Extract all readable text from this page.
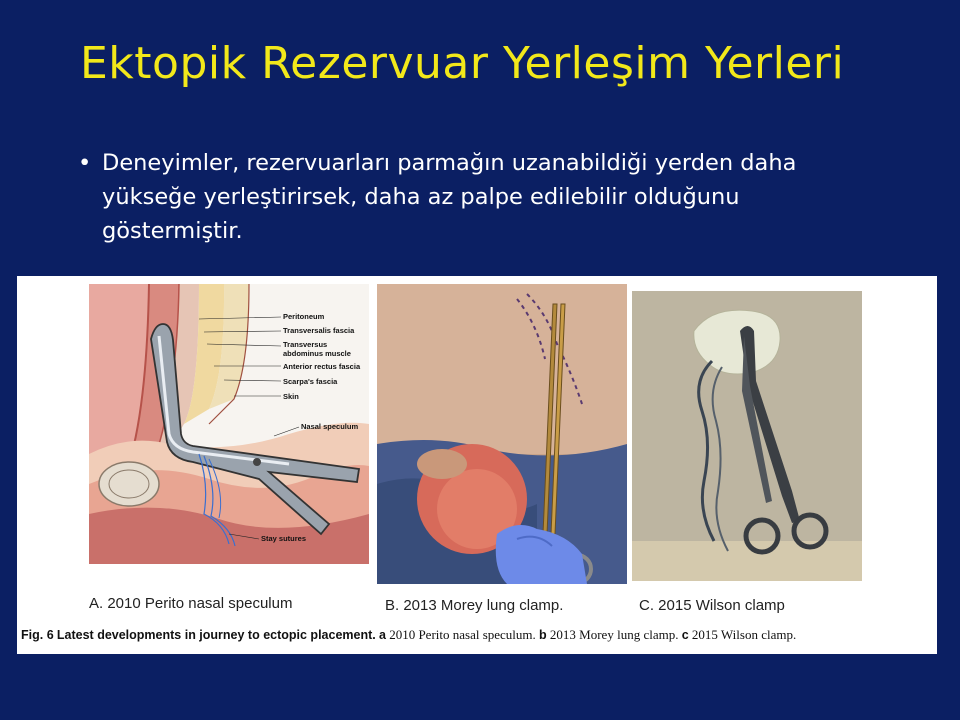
Ektopik Rezervuar Yerleşim Yerleri
• Deneyimler, rezervuarları parmağın uzanabildiği yerden daha yükseğe yerleştirirsek, daha az palpe edilebilir olduğunu göstermiştir.
Peritoneum
Transversalis fascia
Transversus abdominus muscle
Anterior rectus fascia
Scarpa's fascia
Skin
Nasal speculum
Stay sutures
A. 2010 Perito nasal speculum	B. 2013 Morey lung clamp.	C. 2015 Wilson clamp
Fig. 6 Latest developments in journey to ectopic placement. a 2010 Perito nasal speculum. b 2013 Morey lung clamp. c 2015 Wilson clamp.
